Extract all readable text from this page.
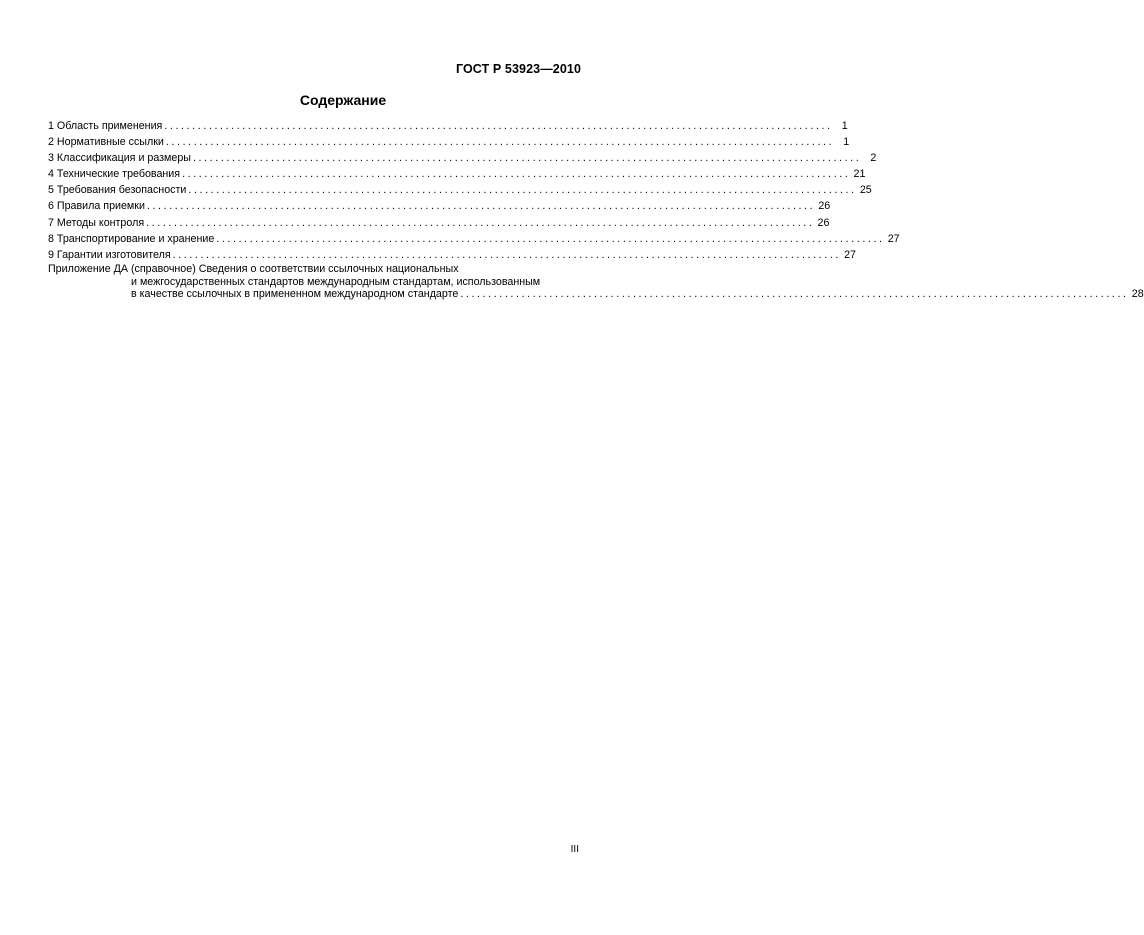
ГОСТ Р 53923—2010
Содержание
1 Область применения ........................................................................................................................ 1
2 Нормативные ссылки ........................................................................................................................ 1
3 Классификация и размеры ........................................................................................................................ 2
4 Технические требования ........................................................................................................................ 21
5 Требования безопасности ........................................................................................................................ 25
6 Правила приемки ........................................................................................................................ 26
7 Методы контроля ........................................................................................................................ 26
8 Транспортирование и хранение ........................................................................................................................ 27
9 Гарантии изготовителя ........................................................................................................................ 27
Приложение ДА (справочное) Сведения о соответствии ссылочных национальных
и межгосударственных стандартов международным стандартам, использованным
в качестве ссылочных в примененном международном стандарте ........................................................................................................................ 28
III
